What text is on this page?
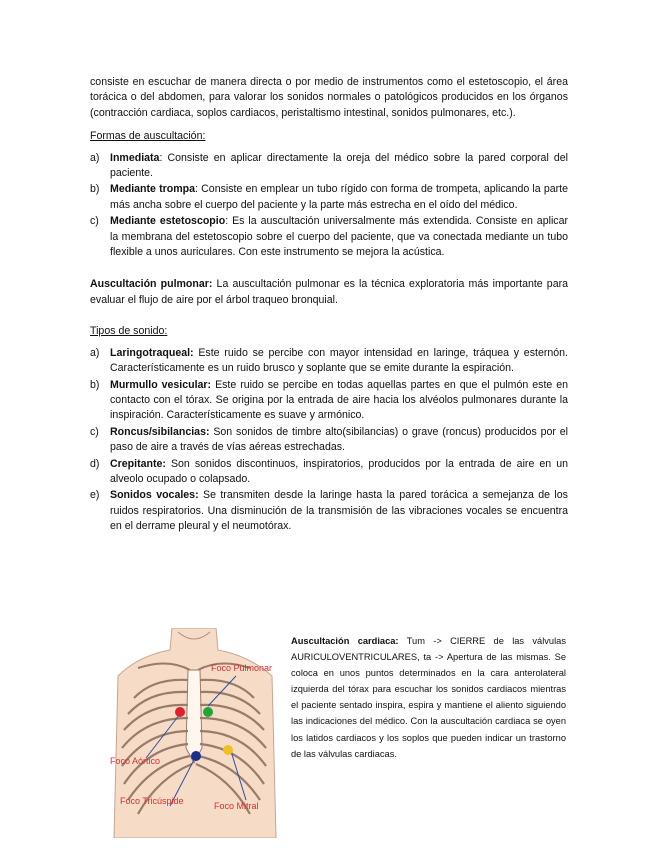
consiste en escuchar de manera directa o por medio de instrumentos como el estetoscopio, el área torácica o del abdomen, para valorar los sonidos normales o patológicos producidos en los órganos (contracción cardiaca, soplos cardiacos, peristaltismo intestinal, sonidos pulmonares, etc.).

Formas de auscultación:
a) Inmediata: Consiste en aplicar directamente la oreja del médico sobre la pared corporal del paciente.
b) Mediante trompa: Consiste en emplear un tubo rígido con forma de trompeta, aplicando la parte más ancha sobre el cuerpo del paciente y la parte más estrecha en el oído del médico.
c) Mediante estetoscopio: Es la auscultación universalmente más extendida. Consiste en aplicar la membrana del estetoscopio sobre el cuerpo del paciente, que va conectada mediante un tubo flexible a unos auriculares. Con este instrumento se mejora la acústica.

Auscultación pulmonar: La auscultación pulmonar es la técnica exploratoria más importante para evaluar el flujo de aire por el árbol traqueo bronquial.

Tipos de sonido:
a) Laringotraqueal: Este ruido se percibe con mayor intensidad en laringe, tráquea y esternón. Característicamente es un ruido brusco y soplante que se emite durante la espiración.
b) Murmullo vesicular: Este ruido se percibe en todas aquellas partes en que el pulmón este en contacto con el tórax. Se origina por la entrada de aire hacia los alvéolos pulmonares durante la inspiración. Característicamente es suave y armónico.
c) Roncus/sibilancias: Son sonidos de timbre alto(sibilancias) o grave (roncus) producidos por el paso de aire a través de vías aéreas estrechadas.
d) Crepitante: Son sonidos discontinuos, inspiratorios, producidos por la entrada de aire en un alveolo ocupado o colapsado.
e) Sonidos vocales: Se transmiten desde la laringe hasta la pared torácica a semejanza de los ruidos respiratorios. Una disminución de la transmisión de las vibraciones vocales se encuentra en el derrame pleural y el neumotórax.
Foco Pulmonar
Foco Aórtico
Foco Tricúspide	Foco Mitral

Auscultación cardiaca: Tum -> CIERRE de las válvulas AURICULOVENTRICULARES, ta -> Apertura de las mismas. Se coloca en unos puntos determinados en la cara anterolateral izquierda del tórax para escuchar los sonidos cardiacos mientras el paciente sentado inspira, espira y mantiene el aliento siguiendo las indicaciones del médico. Con la auscultación cardiaca se oyen los latidos cardiacos y los soplos que pueden indicar un trastorno de las válvulas cardiacas.
